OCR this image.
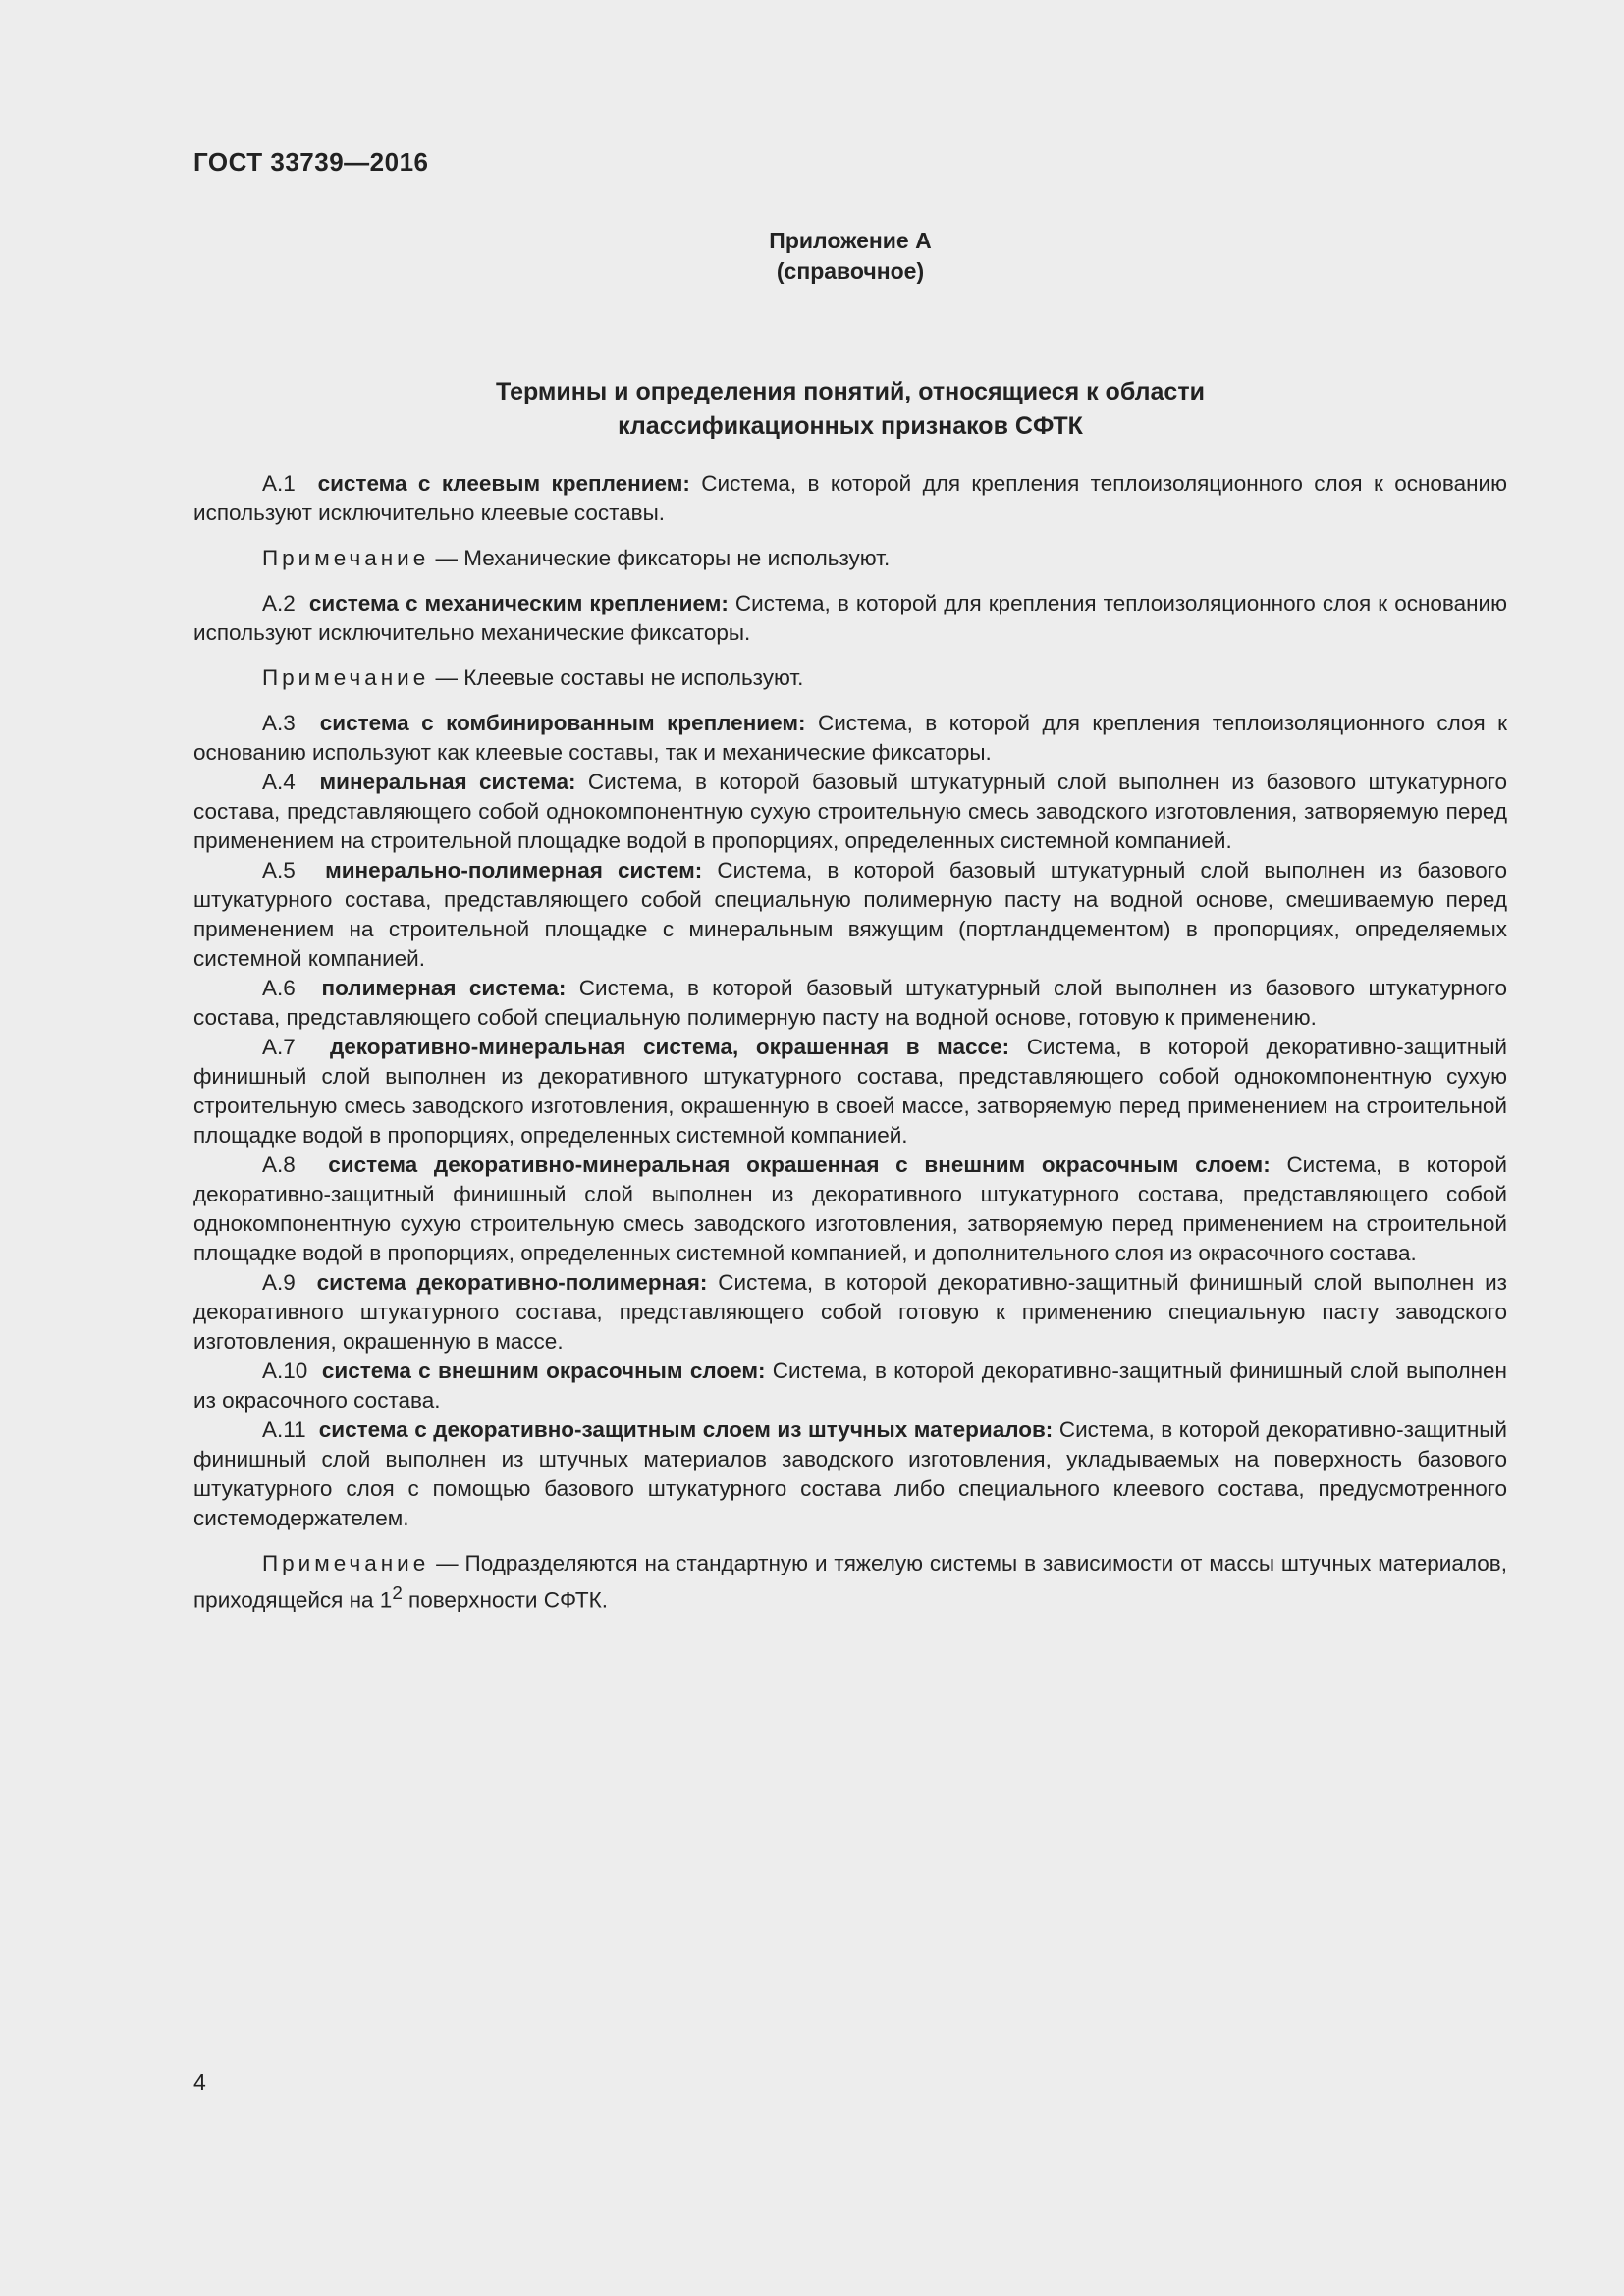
ГОСТ 33739—2016
Приложение А
(справочное)
Термины и определения понятий, относящиеся к области
классификационных признаков СФТК

А.1 система с клеевым креплением: Система, в которой для крепления теплоизоляционного слоя к основанию используют исключительно клеевые составы.

Примечание — Механические фиксаторы не используют.

А.2 система с механическим креплением: Система, в которой для крепления теплоизоляционного слоя к основанию используют исключительно механические фиксаторы.

Примечание — Клеевые составы не используют.

А.3 система с комбинированным креплением: Система, в которой для крепления теплоизоляционного слоя к основанию используют как клеевые составы, так и механические фиксаторы.

А.4 минеральная система: Система, в которой базовый штукатурный слой выполнен из базового штукатурного состава, представляющего собой однокомпонентную сухую строительную смесь заводского изготовления, затворяемую перед применением на строительной площадке водой в пропорциях, определенных системной компанией.

А.5 минерально-полимерная систем: Система, в которой базовый штукатурный слой выполнен из базового штукатурного состава, представляющего собой специальную полимерную пасту на водной основе, смешиваемую перед применением на строительной площадке с минеральным вяжущим (портландцементом) в пропорциях, определяемых системной компанией.

А.6 полимерная система: Система, в которой базовый штукатурный слой выполнен из базового штукатурного состава, представляющего собой специальную полимерную пасту на водной основе, готовую к применению.

А.7 декоративно-минеральная система, окрашенная в массе: Система, в которой декоративно-защитный финишный слой выполнен из декоративного штукатурного состава, представляющего собой однокомпонентную сухую строительную смесь заводского изготовления, окрашенную в своей массе, затворяемую перед применением на строительной площадке водой в пропорциях, определенных системной компанией.

А.8 система декоративно-минеральная окрашенная с внешним окрасочным слоем: Система, в которой декоративно-защитный финишный слой выполнен из декоративного штукатурного состава, представляющего собой однокомпонентную сухую строительную смесь заводского изготовления, затворяемую перед применением на строительной площадке водой в пропорциях, определенных системной компанией, и дополнительного слоя из окрасочного состава.

А.9 система декоративно-полимерная: Система, в которой декоративно-защитный финишный слой выполнен из декоративного штукатурного состава, представляющего собой готовую к применению специальную пасту заводского изготовления, окрашенную в массе.

А.10 система с внешним окрасочным слоем: Система, в которой декоративно-защитный финишный слой выполнен из окрасочного состава.

А.11 система с декоративно-защитным слоем из штучных материалов: Система, в которой декоративно-защитный финишный слой выполнен из штучных материалов заводского изготовления, укладываемых на поверхность базового штукатурного слоя с помощью базового штукатурного состава либо специального клеевого состава, предусмотренного системодержателем.

Примечание — Подразделяются на стандартную и тяжелую системы в зависимости от массы штучных материалов, приходящейся на $1^2$ поверхности СФТК.

4
